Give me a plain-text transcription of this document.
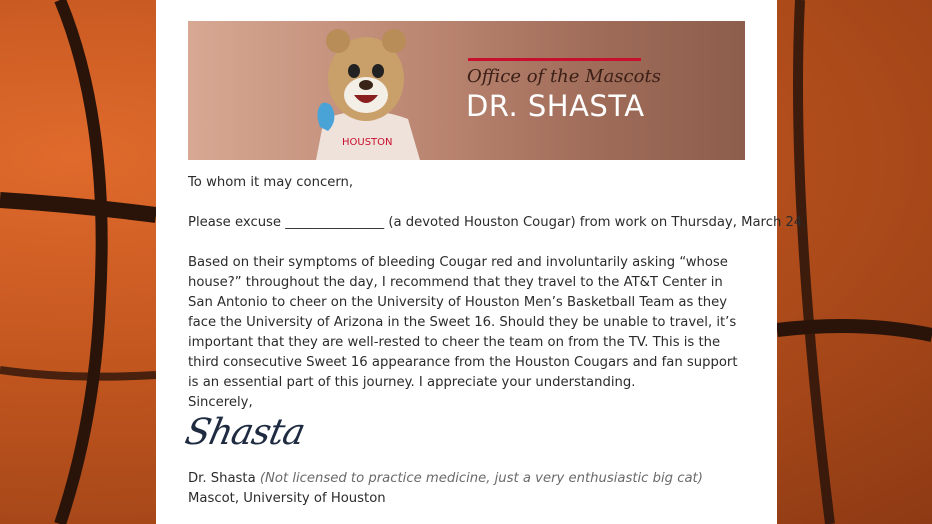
HOUSTON
Office of the Mascots
DR. SHASTA
To whom it may concern,
Please excuse _______________ (a devoted Houston Cougar) from work on Thursday, March 24.
Based on their symptoms of bleeding Cougar red and involuntarily asking “whose house?” throughout the day, I recommend that they travel to the AT&T Center in San Antonio to cheer on the University of Houston Men’s Basketball Team as they face the University of Arizona in the Sweet 16. Should they be unable to travel, it’s important that they are well-rested to cheer the team on from the TV. This is the third consecutive Sweet 16 appearance from the Houston Cougars and fan support is an essential part of this journey. I appreciate your understanding.
Sincerely,
Shasta
Dr. Shasta (Not licensed to practice medicine, just a very enthusiastic big cat)
Mascot, University of Houston
